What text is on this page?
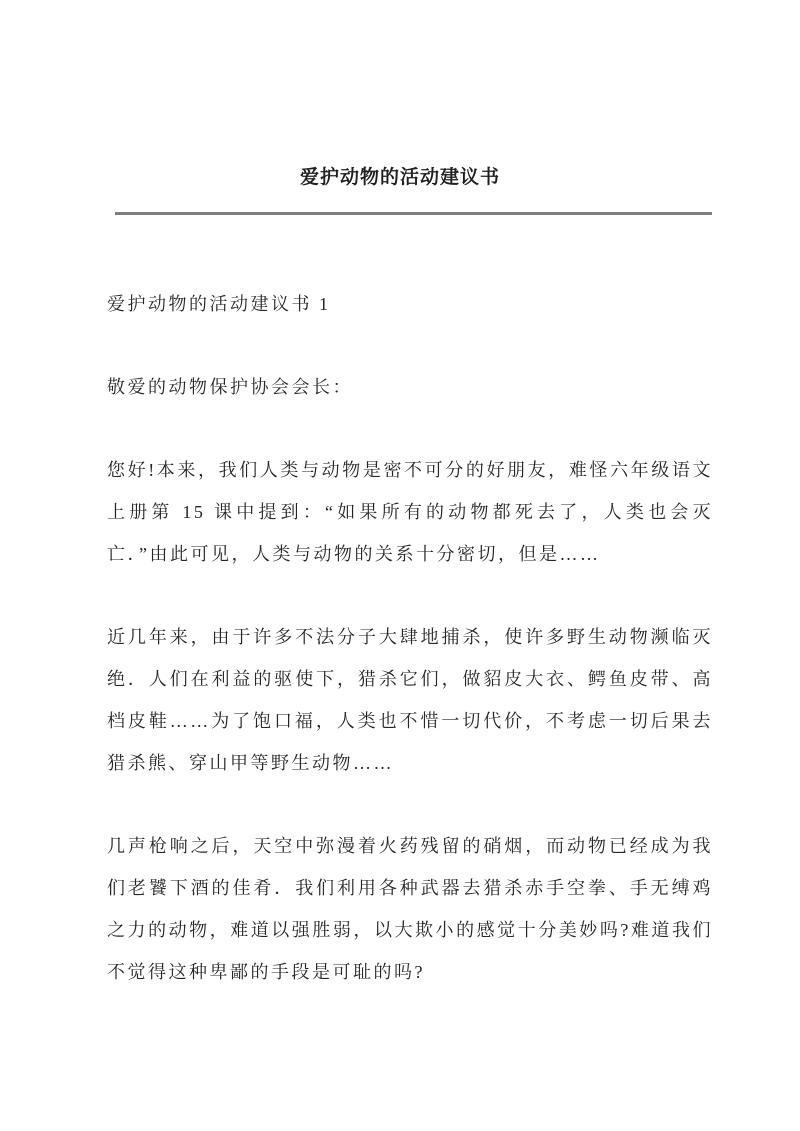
爱护动物的活动建议书

爱护动物的活动建议书 1

敬爱的动物保护协会会长：

您好!本来，我们人类与动物是密不可分的好朋友，难怪六年级语文上册第 15 课中提到：“如果所有的动物都死去了，人类也会灭亡．”由此可见，人类与动物的关系十分密切，但是……

近几年来，由于许多不法分子大肆地捕杀，使许多野生动物濒临灭绝．人们在利益的驱使下，猎杀它们，做貂皮大衣、鳄鱼皮带、高档皮鞋……为了饱口福，人类也不惜一切代价，不考虑一切后果去猎杀熊、穿山甲等野生动物……

几声枪响之后，天空中弥漫着火药残留的硝烟，而动物已经成为我们老饕下酒的佳肴．我们利用各种武器去猎杀赤手空拳、手无缚鸡之力的动物，难道以强胜弱，以大欺小的感觉十分美妙吗?难道我们不觉得这种卑鄙的手段是可耻的吗?
